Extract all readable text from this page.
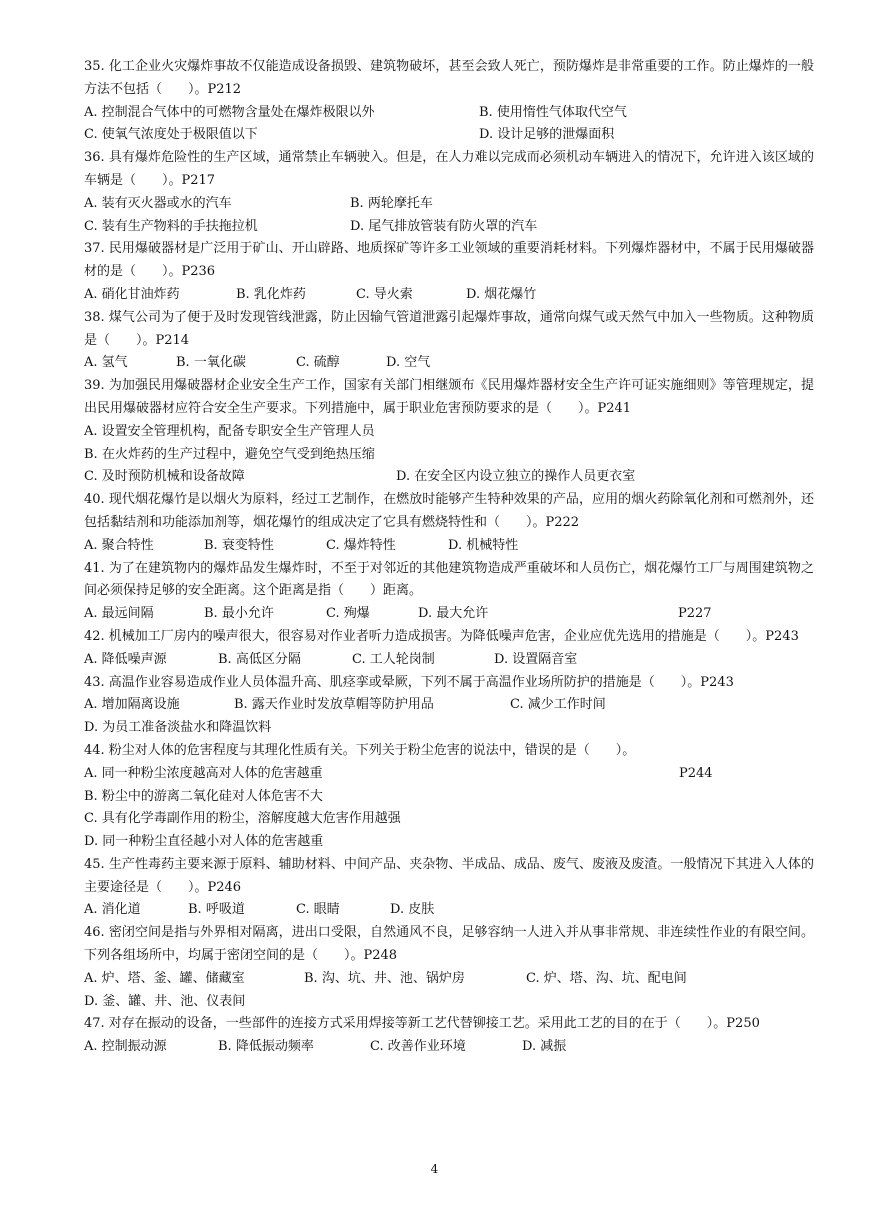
35. 化工企业火灾爆炸事故不仅能造成设备损毁、建筑物破坏，甚至会致人死亡，预防爆炸是非常重要的工作。防止爆炸的一般方法不包括（　　）。P212
A. 控制混合气体中的可燃物含量处在爆炸极限以外	B. 使用惰性气体取代空气
C. 使氧气浓度处于极限值以下	D. 设计足够的泄爆面积
36. 具有爆炸危险性的生产区域，通常禁止车辆驶入。但是，在人力难以完成而必须机动车辆进入的情况下，允许进入该区域的车辆是（　　）。P217
A. 装有灭火器或水的汽车	B. 两轮摩托车
C. 装有生产物料的手扶拖拉机	D. 尾气排放管装有防火罩的汽车
37. 民用爆破器材是广泛用于矿山、开山辟路、地质探矿等许多工业领域的重要消耗材料。下列爆炸器材中，不属于民用爆破器材的是（　　）。P236
A. 硝化甘油炸药	B. 乳化炸药	C. 导火索	D. 烟花爆竹
38. 煤气公司为了便于及时发现管线泄露，防止因输气管道泄露引起爆炸事故，通常向煤气或天然气中加入一些物质。这种物质是（　　）。P214
A. 氢气	B. 一氧化碳	C. 硫醇	D. 空气
39. 为加强民用爆破器材企业安全生产工作，国家有关部门相继颁布《民用爆炸器材安全生产许可证实施细则》等管理规定，提出民用爆破器材应符合安全生产要求。下列措施中，属于职业危害预防要求的是（　　）。P241
A. 设置安全管理机构，配备专职安全生产管理人员
B. 在火炸药的生产过程中，避免空气受到绝热压缩
C. 及时预防机械和设备故障	D. 在安全区内设立独立的操作人员更衣室
40. 现代烟花爆竹是以烟火为原料，经过工艺制作，在燃放时能够产生特种效果的产品，应用的烟火药除氧化剂和可燃剂外，还包括黏结剂和功能添加剂等，烟花爆竹的组成决定了它具有燃烧特性和（　　）。P222
A. 聚合特性	B. 衰变特性	C. 爆炸特性	D. 机械特性
41. 为了在建筑物内的爆炸品发生爆炸时，不至于对邻近的其他建筑物造成严重破坏和人员伤亡，烟花爆竹工厂与周围建筑物之间必须保持足够的安全距离。这个距离是指（　　）距离。
A. 最远间隔	B. 最小允许	C. 殉爆	D. 最大允许	P227
42. 机械加工厂房内的噪声很大，很容易对作业者听力造成损害。为降低噪声危害，企业应优先选用的措施是（　　）。P243
A. 降低噪声源	B. 高低区分隔	C. 工人轮岗制	D. 设置隔音室
43. 高温作业容易造成作业人员体温升高、肌痉挛或晕厥，下列不属于高温作业场所防护的措施是（　　）。P243
A. 增加隔离设施	B. 露天作业时发放草帽等防护用品	C. 减少工作时间
D. 为员工准备淡盐水和降温饮料
44. 粉尘对人体的危害程度与其理化性质有关。下列关于粉尘危害的说法中，错误的是（　　）。
A. 同一种粉尘浓度越高对人体的危害越重	P244
B. 粉尘中的游离二氧化硅对人体危害不大
C. 具有化学毒副作用的粉尘，溶解度越大危害作用越强
D. 同一种粉尘直径越小对人体的危害越重
45. 生产性毒药主要来源于原料、辅助材料、中间产品、夹杂物、半成品、成品、废气、废液及废渣。一般情况下其进入人体的主要途径是（　　）。P246
A. 消化道	B. 呼吸道	C. 眼睛	D. 皮肤
46. 密闭空间是指与外界相对隔离，进出口受限，自然通风不良，足够容纳一人进入并从事非常规、非连续性作业的有限空间。下列各组场所中，均属于密闭空间的是（　　）。P248
A. 炉、塔、釜、罐、储藏室	B. 沟、坑、井、池、锅炉房	C. 炉、塔、沟、坑、配电间
D. 釜、罐、井、池、仪表间
47. 对存在振动的设备，一些部件的连接方式采用焊接等新工艺代替铆接工艺。采用此工艺的目的在于（　　）。P250
A. 控制振动源	B. 降低振动频率	C. 改善作业环境	D. 减振
4
